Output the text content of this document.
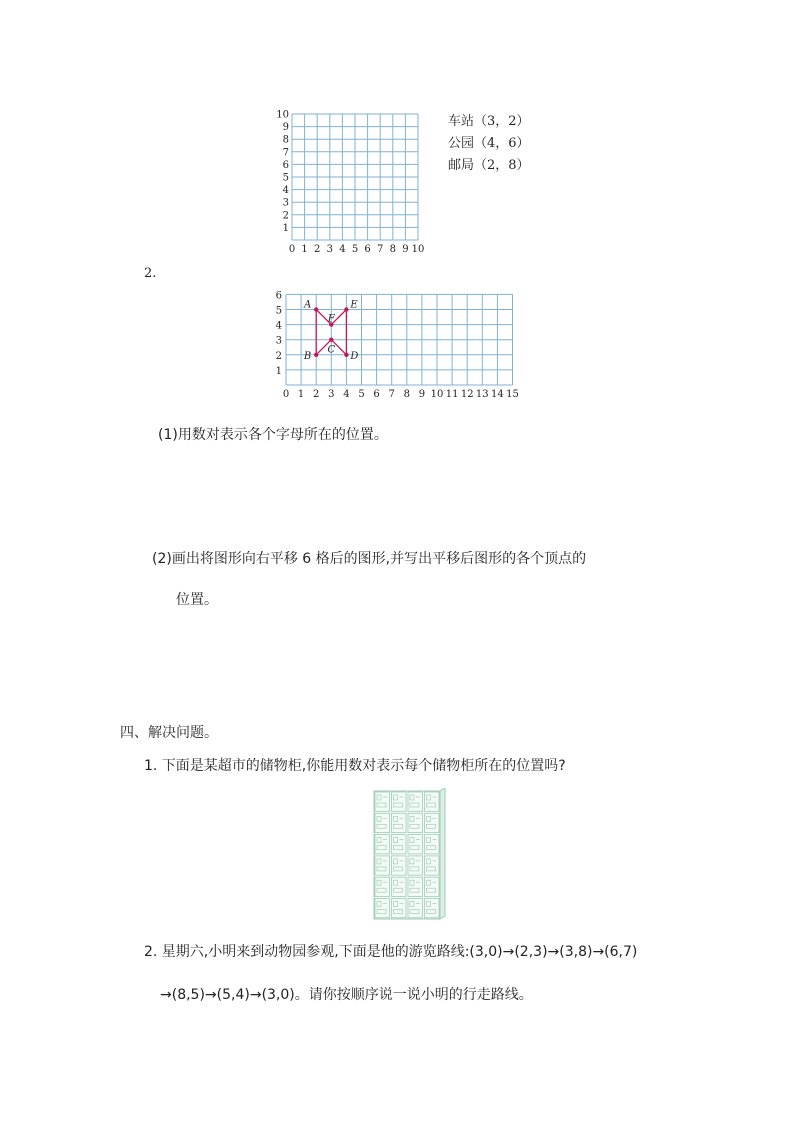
1
2
3
4
5
6
7
8
9
10
0 1 2 3 4 5 6 7 8 9 10
车站（3，2）
公园（4，6）
邮局（2，8）
2.
1
2
3
4
5
6
0 1 2 3 4 5 6 7 8 9 10 11 12 13 14 15
A
B
C
D
E
F
(1)用数对表示各个字母所在的位置。
(2)画出将图形向右平移 6 格后的图形,并写出平移后图形的各个顶点的
位置。
四、解决问题。
1. 下面是某超市的储物柜,你能用数对表示每个储物柜所在的位置吗?
2. 星期六,小明来到动物园参观,下面是他的游览路线:(3,0)→(2,3)→(3,8)→(6,7)
→(8,5)→(5,4)→(3,0)。请你按顺序说一说小明的行走路线。
